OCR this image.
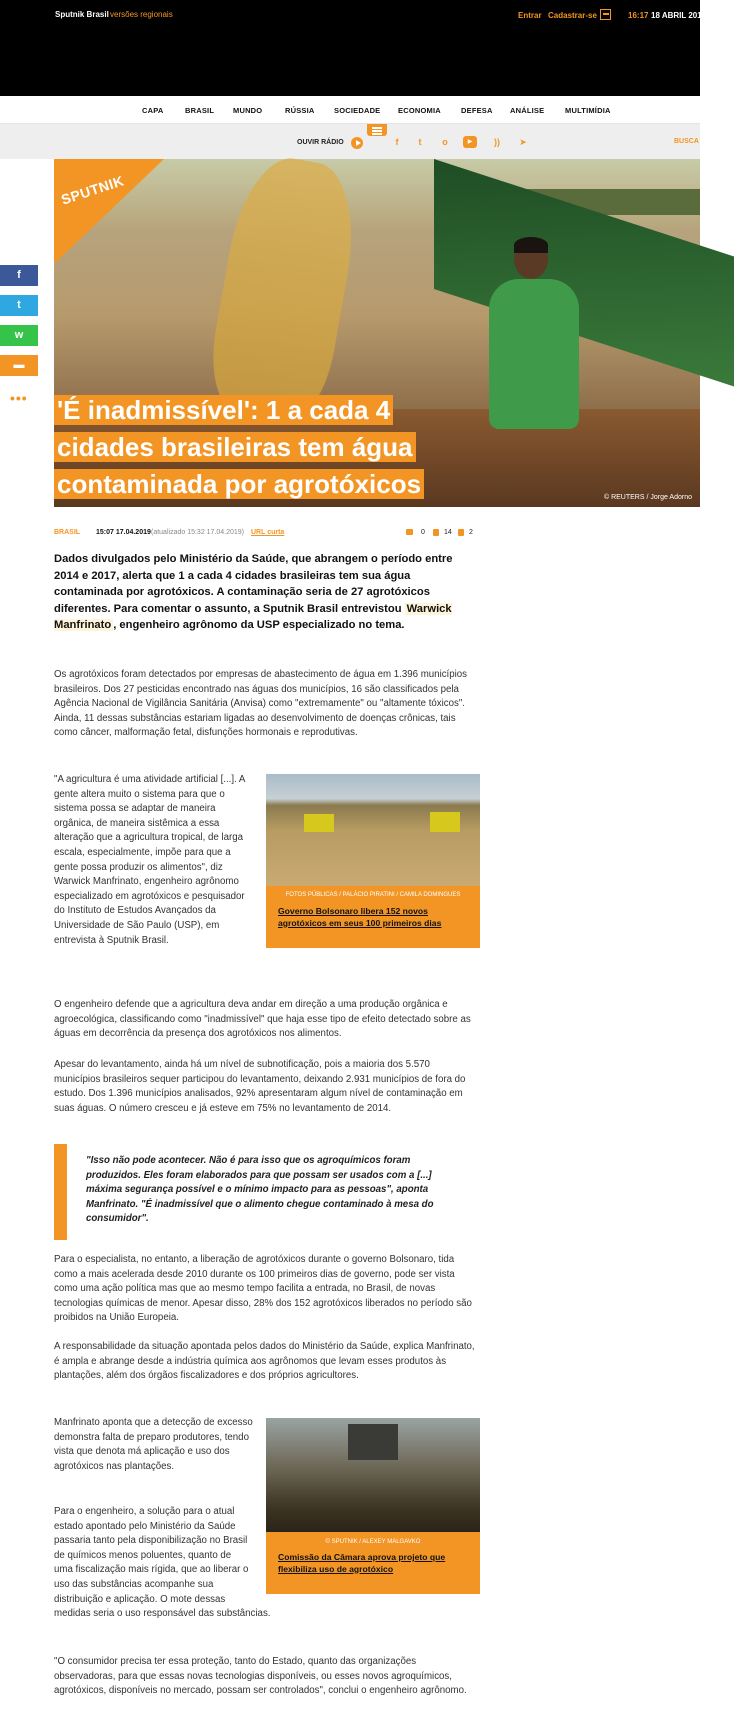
Sputnik Brasil versões regionais	Entrar Cadastrar-se	16:17 18 ABRIL 2019
CAPA	BRASIL	MUNDO	RÚSSIA	SOCIEDADE ECONOMIA	DEFESA ANÁLISE	MULTIMÍDIA
OUVIR RÁDIO	f	t	o	▶	))	➤	BUSCA
© REUTERS / Jorge Adorno
SPUTNIK
'É inadmissível': 1 a cada 4 cidades brasileiras tem água contaminada por agrotóxicos
f
t
w
▬
•••
BRASIL 15:07 17.04.2019 (atualizado 15:32 17.04.2019) URL curta	0	14 2

Dados divulgados pelo Ministério da Saúde, que abrangem o período entre 2014 e 2017, alerta que 1 a cada 4 cidades brasileiras tem sua água contaminada por agrotóxicos. A contaminação seria de 27 agrotóxicos diferentes. Para comentar o assunto, a Sputnik Brasil entrevistou Warwick Manfrinato , engenheiro agrônomo da USP especializado no tema.

Os agrotóxicos foram detectados por empresas de abastecimento de água em 1.396 municípios brasileiros. Dos 27 pesticidas encontrado nas águas dos municípios, 16 são classificados pela Agência Nacional de Vigilância Sanitária (Anvisa) como "extremamente" ou "altamente tóxicos". Ainda, 11 dessas substâncias estariam ligadas ao desenvolvimento de doenças crônicas, tais como câncer, malformação fetal, disfunções hormonais e reprodutivas.

"A agricultura é uma atividade artificial [...]. A gente altera muito o sistema para que o sistema possa se adaptar de maneira orgânica, de maneira sistêmica a essa alteração que a agricultura tropical, de larga escala, especialmente, impõe para que a gente possa produzir os alimentos", diz Warwick Manfrinato, engenheiro agrônomo especializado em agrotóxicos e pesquisador do Instituto de Estudos Avançados da Universidade de São Paulo (USP), em entrevista à Sputnik Brasil.

FOTOS PÚBLICAS / PALÁCIO PIRATINI / CAMILA DOMINGUES
Governo Bolsonaro libera 152 novos agrotóxicos em seus 100 primeiros dias

O engenheiro defende que a agricultura deva andar em direção a uma produção orgânica e agroecológica, classificando como "inadmissível" que haja esse tipo de efeito detectado sobre as águas em decorrência da presença dos agrotóxicos nos alimentos.

Apesar do levantamento, ainda há um nível de subnotificação, pois a maioria dos 5.570 municípios brasileiros sequer participou do levantamento, deixando 2.931 municípios de fora do estudo. Dos 1.396 municípios analisados, 92% apresentaram algum nível de contaminação em suas águas. O número cresceu e já esteve em 75% no levantamento de 2014.

"Isso não pode acontecer. Não é para isso que os agroquímicos foram produzidos. Eles foram elaborados para que possam ser usados com a [...] máxima segurança possível e o mínimo impacto para as pessoas", aponta Manfrinato. "É inadmissível que o alimento chegue contaminado à mesa do consumidor".

Para o especialista, no entanto, a liberação de agrotóxicos durante o governo Bolsonaro, tida como a mais acelerada desde 2010 durante os 100 primeiros dias de governo, pode ser vista como uma ação política mas que ao mesmo tempo facilita a entrada, no Brasil, de novas tecnologias químicas de menor. Apesar disso, 28% dos 152 agrotóxicos liberados no período são proibidos na União Europeia.

A responsabilidade da situação apontada pelos dados do Ministério da Saúde, explica Manfrinato, é ampla e abrange desde a indústria química aos agrônomos que levam esses produtos às plantações, além dos órgãos fiscalizadores e dos próprios agricultores.

Manfrinato aponta que a detecção de excesso demonstra falta de preparo produtores, tendo vista que denota má aplicação e uso dos agrotóxicos nas plantações.

© SPUTNIK / ALEXEY MALGAVKO
Comissão da Câmara aprova projeto que flexibiliza uso de agrotóxico

Para o engenheiro, a solução para o atual estado apontado pelo Ministério da Saúde passaria tanto pela disponibilização no Brasil de químicos menos poluentes, quanto de uma fiscalização mais rígida, que ao liberar o uso das substâncias acompanhe sua distribuição e aplicação. O mote dessas medidas seria o uso responsável das substâncias.

"O consumidor precisa ter essa proteção, tanto do Estado, quanto das organizações observadoras, para que essas novas tecnologias disponíveis, ou esses novos agroquímicos, agrotóxicos, disponíveis no mercado, possam ser controlados", conclui o engenheiro agrônomo.
